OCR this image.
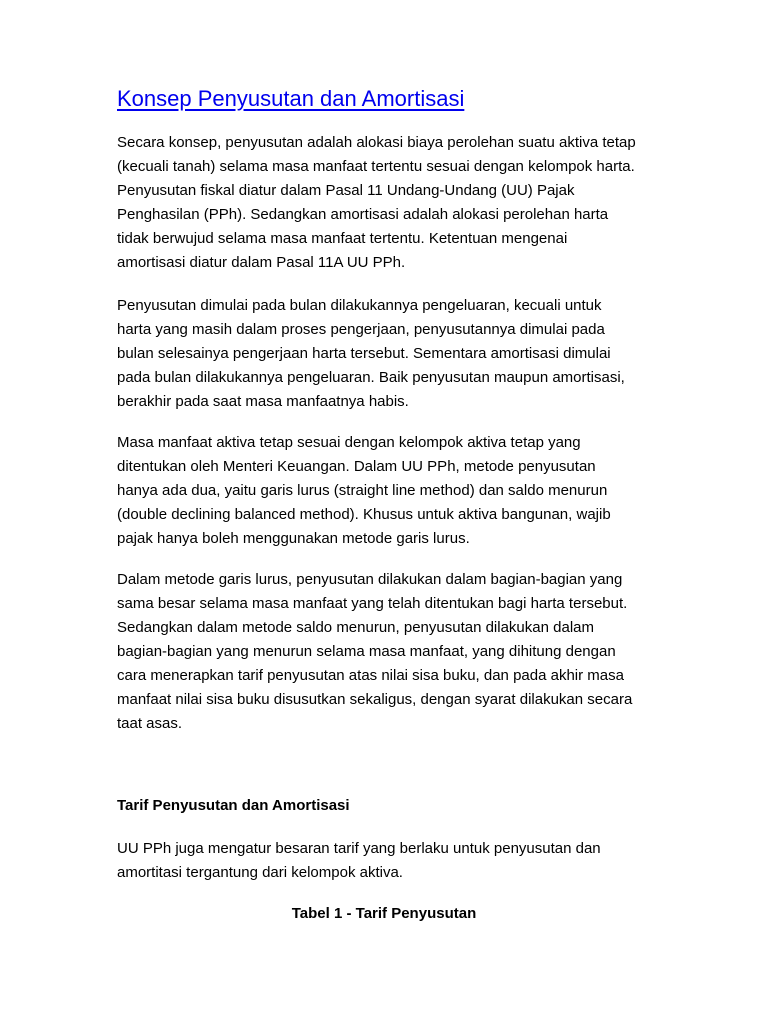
Konsep Penyusutan dan Amortisasi

Secara konsep, penyusutan adalah alokasi biaya perolehan suatu aktiva tetap
(kecuali tanah) selama masa manfaat tertentu sesuai dengan kelompok harta.
Penyusutan fiskal diatur dalam Pasal 11 Undang-Undang (UU) Pajak
Penghasilan (PPh). Sedangkan amortisasi adalah alokasi perolehan harta
tidak berwujud selama masa manfaat tertentu. Ketentuan mengenai
amortisasi diatur dalam Pasal 11A UU PPh.

Penyusutan dimulai pada bulan dilakukannya pengeluaran, kecuali untuk
harta yang masih dalam proses pengerjaan, penyusutannya dimulai pada
bulan selesainya pengerjaan harta tersebut. Sementara amortisasi dimulai
pada bulan dilakukannya pengeluaran. Baik penyusutan maupun amortisasi,
berakhir pada saat masa manfaatnya habis.

Masa manfaat aktiva tetap sesuai dengan kelompok aktiva tetap yang
ditentukan oleh Menteri Keuangan. Dalam UU PPh, metode penyusutan
hanya ada dua, yaitu garis lurus (straight line method) dan saldo menurun
(double declining balanced method). Khusus untuk aktiva bangunan, wajib
pajak hanya boleh menggunakan metode garis lurus.

Dalam metode garis lurus, penyusutan dilakukan dalam bagian-bagian yang
sama besar selama masa manfaat yang telah ditentukan bagi harta tersebut.
Sedangkan dalam metode saldo menurun, penyusutan dilakukan dalam
bagian-bagian yang menurun selama masa manfaat, yang dihitung dengan
cara menerapkan tarif penyusutan atas nilai sisa buku, dan pada akhir masa
manfaat nilai sisa buku disusutkan sekaligus, dengan syarat dilakukan secara
taat asas.

Tarif Penyusutan dan Amortisasi

UU PPh juga mengatur besaran tarif yang berlaku untuk penyusutan dan
amortitasi tergantung dari kelompok aktiva.

Tabel 1 - Tarif Penyusutan
